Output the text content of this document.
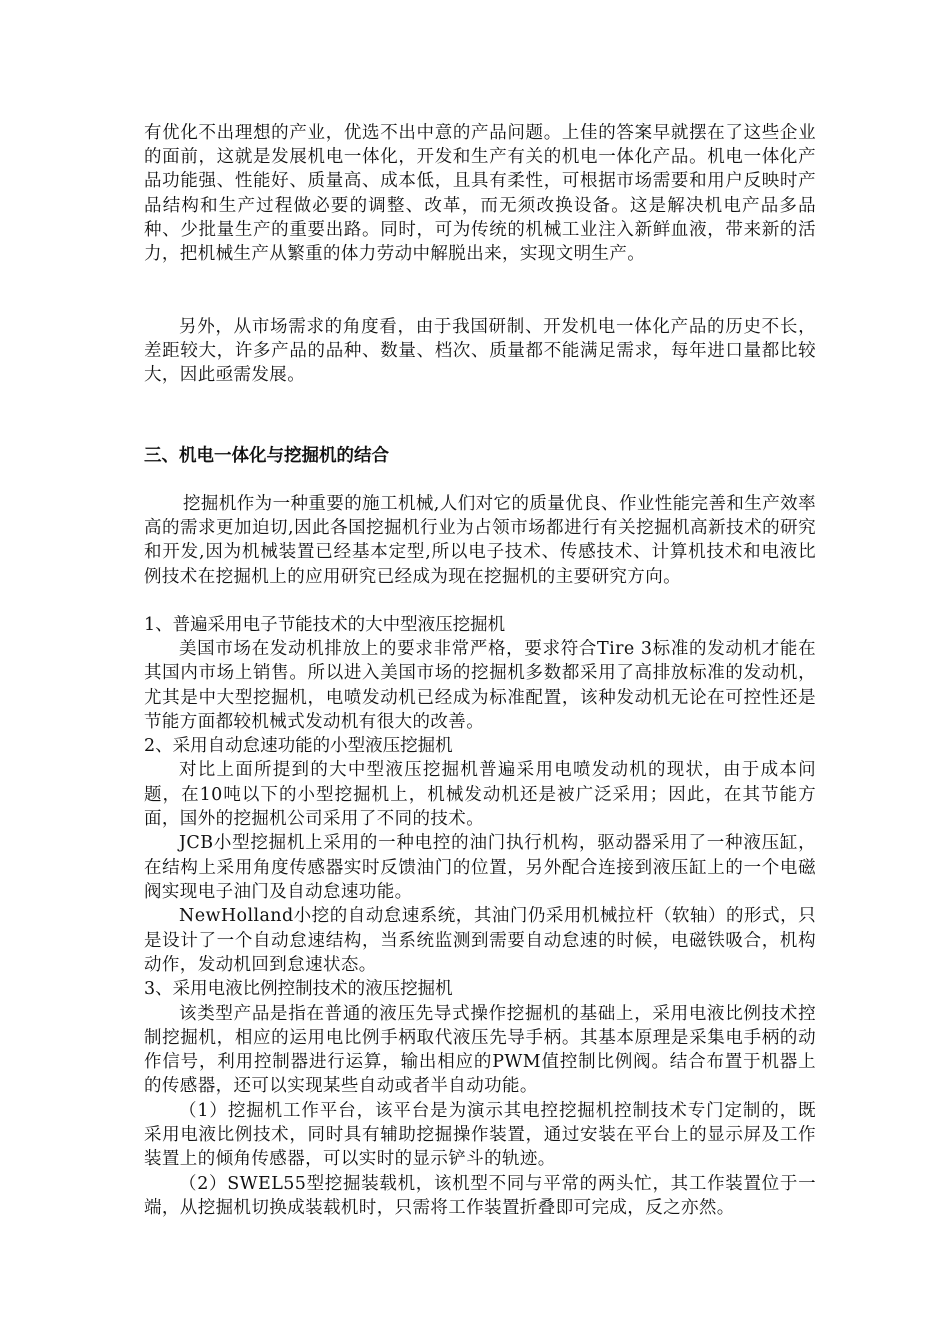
有优化不出理想的产业，优选不出中意的产品问题。上佳的答案早就摆在了这些企业的面前，这就是发展机电一体化，开发和生产有关的机电一体化产品。机电一体化产品功能强、性能好、质量高、成本低，且具有柔性，可根据市场需要和用户反映时产品结构和生产过程做必要的调整、改革，而无须改换设备。这是解决机电产品多品种、少批量生产的重要出路。同时，可为传统的机械工业注入新鲜血液，带来新的活力，把机械生产从繁重的体力劳动中解脱出来，实现文明生产。

另外，从市场需求的角度看，由于我国研制、开发机电一体化产品的历史不长，差距较大，许多产品的品种、数量、档次、质量都不能满足需求，每年进口量都比较大，因此亟需发展。

三、机电一体化与挖掘机的结合

挖掘机作为一种重要的施工机械,人们对它的质量优良、作业性能完善和生产效率高的需求更加迫切,因此各国挖掘机行业为占领市场都进行有关挖掘机高新技术的研究和开发,因为机械装置已经基本定型,所以电子技术、传感技术、计算机技术和电液比例技术在挖掘机上的应用研究已经成为现在挖掘机的主要研究方向。

1、普遍采用电子节能技术的大中型液压挖掘机

美国市场在发动机排放上的要求非常严格，要求符合Tire 3标准的发动机才能在其国内市场上销售。所以进入美国市场的挖掘机多数都采用了高排放标准的发动机，尤其是中大型挖掘机，电喷发动机已经成为标准配置，该种发动机无论在可控性还是节能方面都较机械式发动机有很大的改善。

2、采用自动怠速功能的小型液压挖掘机

对比上面所提到的大中型液压挖掘机普遍采用电喷发动机的现状，由于成本问题，在10吨以下的小型挖掘机上，机械发动机还是被广泛采用；因此，在其节能方面，国外的挖掘机公司采用了不同的技术。

JCB小型挖掘机上采用的一种电控的油门执行机构，驱动器采用了一种液压缸，在结构上采用角度传感器实时反馈油门的位置，另外配合连接到液压缸上的一个电磁阀实现电子油门及自动怠速功能。

NewHolland小挖的自动怠速系统，其油门仍采用机械拉杆（软轴）的形式，只是设计了一个自动怠速结构，当系统监测到需要自动怠速的时候，电磁铁吸合，机构动作，发动机回到怠速状态。

3、采用电液比例控制技术的液压挖掘机

该类型产品是指在普通的液压先导式操作挖掘机的基础上，采用电液比例技术控制挖掘机，相应的运用电比例手柄取代液压先导手柄。其基本原理是采集电手柄的动作信号，利用控制器进行运算，输出相应的PWM值控制比例阀。结合布置于机器上的传感器，还可以实现某些自动或者半自动功能。

（1）挖掘机工作平台，该平台是为演示其电控挖掘机控制技术专门定制的，既采用电液比例技术，同时具有辅助挖掘操作装置，通过安装在平台上的显示屏及工作装置上的倾角传感器，可以实时的显示铲斗的轨迹。

（2）SWEL55型挖掘装载机，该机型不同与平常的两头忙，其工作装置位于一端，从挖掘机切换成装载机时，只需将工作装置折叠即可完成，反之亦然。
